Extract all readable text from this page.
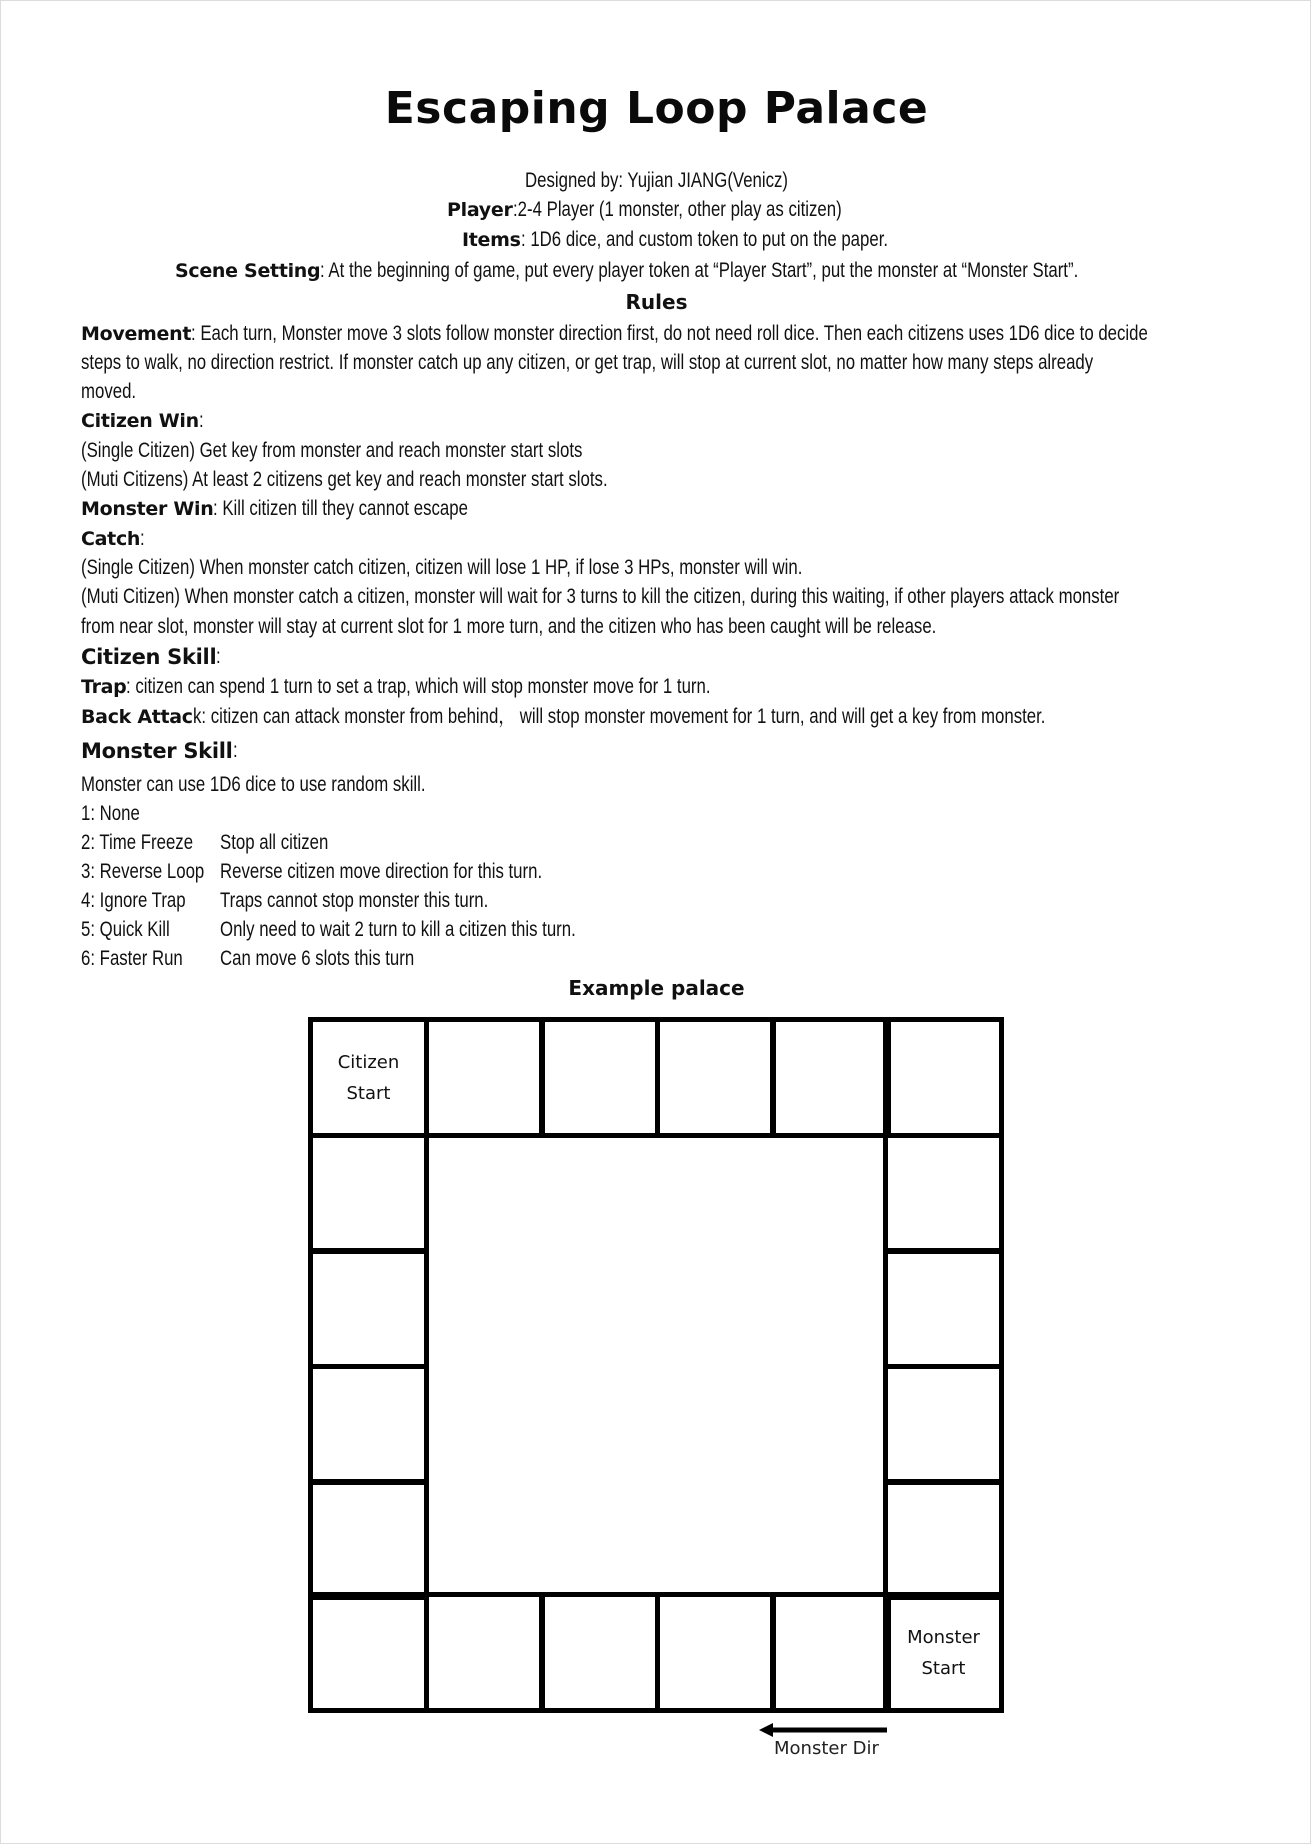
Escaping Loop Palace
Designed by: Yujian JIANG(Venicz)
Player:2-4 Player (1 monster, other play as citizen)
Items: 1D6 dice, and custom token to put on the paper.
Scene Setting: At the beginning of game, put every player token at “Player Start”, put the monster at “Monster Start”.
Rules
Movement: Each turn, Monster move 3 slots follow monster direction first, do not need roll dice. Then each citizens uses 1D6 dice to decide
steps to walk, no direction restrict. If monster catch up any citizen, or get trap, will stop at current slot, no matter how many steps already
moved.
Citizen Win:
(Single Citizen) Get key from monster and reach monster start slots
(Muti Citizens) At least 2 citizens get key and reach monster start slots.
Monster Win: Kill citizen till they cannot escape
Catch:
(Single Citizen) When monster catch citizen, citizen will lose 1 HP, if lose 3 HPs, monster will win.
(Muti Citizen) When monster catch a citizen, monster will wait for 3 turns to kill the citizen, during this waiting, if other players attack monster
from near slot, monster will stay at current slot for 1 more turn, and the citizen who has been caught will be release.
Citizen Skill:
Trap: citizen can spend 1 turn to set a trap, which will stop monster move for 1 turn.
Back Attack: citizen can attack monster from behind， will stop monster movement for 1 turn, and will get a key from monster.
Monster Skill:
Monster can use 1D6 dice to use random skill.
1: None
2: Time Freeze	Stop all citizen
3: Reverse Loop Reverse citizen move direction for this turn.
4: Ignore Trap	Traps cannot stop monster this turn.
5: Quick Kill	Only need to wait 2 turn to kill a citizen this turn.
6: Faster Run	Can move 6 slots this turn
Example palace
Citizen
Start
Monster
Start
Monster Dir
